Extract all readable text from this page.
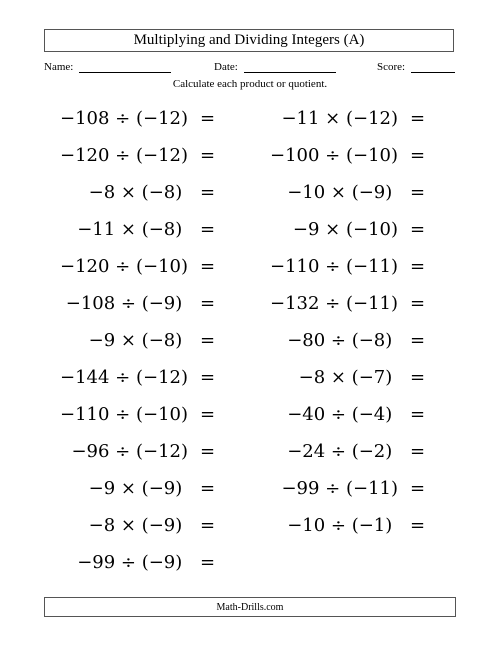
Multiplying and Dividing Integers (A)
Name:	Date:	Score:
Calculate each product or quotient.
−108 ÷ (−12) =
−120 ÷ (−12) =
−8 × (−8) =
−11 × (−8) =
−120 ÷ (−10) =
−108 ÷ (−9) =
−9 × (−8) =
−144 ÷ (−12) =
−110 ÷ (−10) =
−96 ÷ (−12) =
−9 × (−9) =
−8 × (−9) =
−99 ÷ (−9) =
−11 × (−12) =
−100 ÷ (−10) =
−10 × (−9) =
−9 × (−10) =
−110 ÷ (−11) =
−132 ÷ (−11) =
−80 ÷ (−8) =
−8 × (−7) =
−40 ÷ (−4) =
−24 ÷ (−2) =
−99 ÷ (−11) =
−10 ÷ (−1) =
Math-Drills.com
